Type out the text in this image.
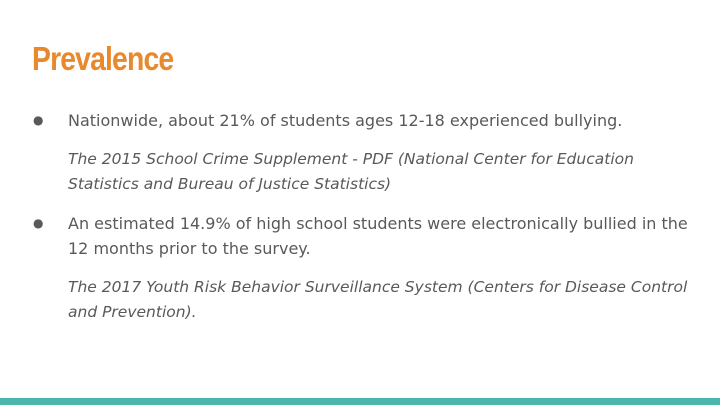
Prevalence
●	Nationwide, about 21% of students ages 12-18 experienced bullying.

The 2015 School Crime Supplement - PDF (National Center for Education Statistics and Bureau of Justice Statistics)

●	An estimated 14.9% of high school students were electronically bullied in the 12 months prior to the survey.

The 2017 Youth Risk Behavior Surveillance System (Centers for Disease Control and Prevention).
